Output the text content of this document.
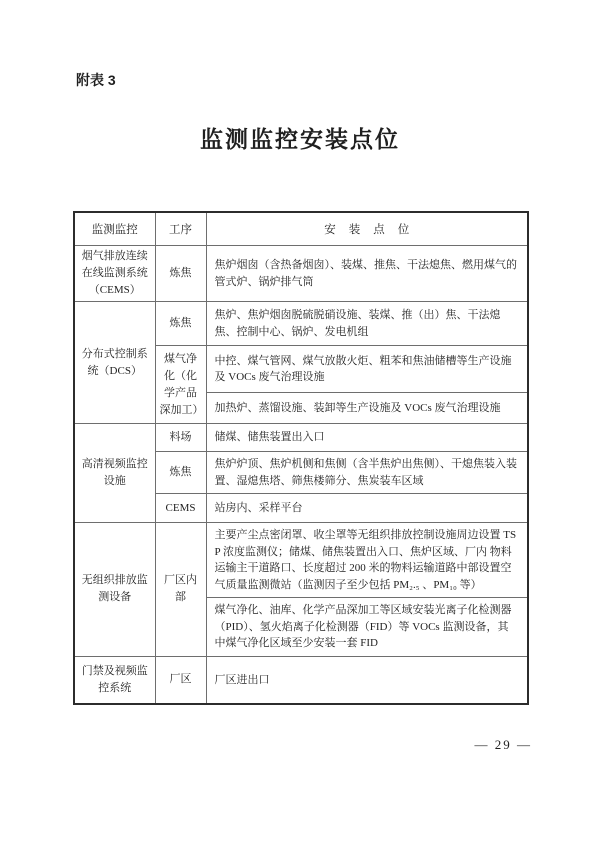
附表 3
监测监控安装点位
监测监控	工序	安装点位
烟气排放连续在线监测系统（CEMS）	炼焦	焦炉烟囱（含热备烟囱）、装煤、推焦、干法熄焦、燃用煤气的管式炉、锅炉排气筒
分布式控制系统（DCS）	炼焦	焦炉、焦炉烟囱脱硫脱硝设施、装煤、推（出）焦、干法熄焦、控制中心、锅炉、发电机组
	煤气净化（化学产品深加工）	中控、煤气管网、煤气放散火炬、粗苯和焦油储槽等生产设施及 VOCs 废气治理设施
		加热炉、蒸馏设施、装卸等生产设施及 VOCs 废气治理设施
高清视频监控设施	料场	储煤、储焦装置出入口
	炼焦	焦炉炉顶、焦炉机侧和焦侧（含半焦炉出焦侧）、干熄焦装入装置、湿熄焦塔、筛焦楼筛分、焦炭装车区域
	CEMS	站房内、采样平台
无组织排放监测设备	厂区内部	主要产尘点密闭罩、收尘罩等无组织排放控制设施周边设置 TSP 浓度监测仪；储煤、储焦装置出入口、焦炉区域、厂内 物料运输主干道路口、长度超过 200 米的物料运输道路中部设置空气质量监测微站（监测因子至少包括 PM₂.₅ 、PM₁₀ 等）
		煤气净化、油库、化学产品深加工等区域安装光离子化检测器（PID）、氢火焰离子化检测器（FID）等 VOCs 监测设备，其中煤气净化区域至少安装一套 FID
门禁及视频监控系统	厂区	厂区进出口
— 29 —
